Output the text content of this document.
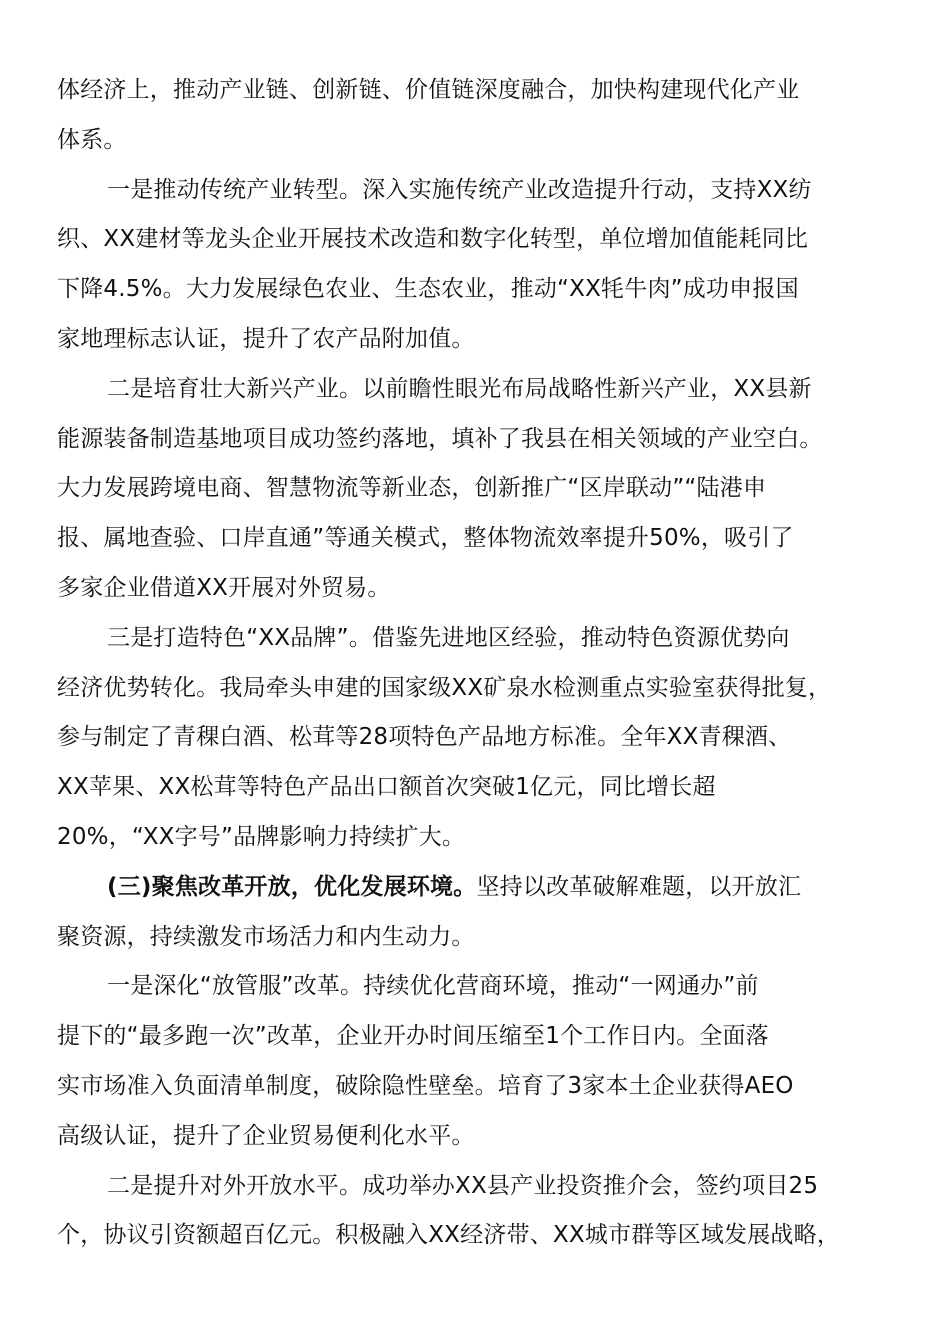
体经济上，推动产业链、创新链、价值链深度融合，加快构建现代化产业
体系。
一是推动传统产业转型。深入实施传统产业改造提升行动，支持XX纺
织、XX建材等龙头企业开展技术改造和数字化转型，单位增加值能耗同比
下降4.5%。大力发展绿色农业、生态农业，推动“XX牦牛肉”成功申报国
家地理标志认证，提升了农产品附加值。
二是培育壮大新兴产业。以前瞻性眼光布局战略性新兴产业，XX县新
能源装备制造基地项目成功签约落地，填补了我县在相关领域的产业空白。
大力发展跨境电商、智慧物流等新业态，创新推广“区岸联动”“陆港申
报、属地查验、口岸直通”等通关模式，整体物流效率提升50%，吸引了
多家企业借道XX开展对外贸易。
三是打造特色“XX品牌”。借鉴先进地区经验，推动特色资源优势向
经济优势转化。我局牵头申建的国家级XX矿泉水检测重点实验室获得批复，
参与制定了青稞白酒、松茸等28项特色产品地方标准。全年XX青稞酒、
XX苹果、XX松茸等特色产品出口额首次突破1亿元，同比增长超
20%，“XX字号”品牌影响力持续扩大。
(三)聚焦改革开放，优化发展环境。坚持以改革破解难题，以开放汇
聚资源，持续激发市场活力和内生动力。
一是深化“放管服”改革。持续优化营商环境，推动“一网通办”前
提下的“最多跑一次”改革，企业开办时间压缩至1个工作日内。全面落
实市场准入负面清单制度，破除隐性壁垒。培育了3家本土企业获得AEO
高级认证，提升了企业贸易便利化水平。
二是提升对外开放水平。成功举办XX县产业投资推介会，签约项目25
个，协议引资额超百亿元。积极融入XX经济带、XX城市群等区域发展战略，
